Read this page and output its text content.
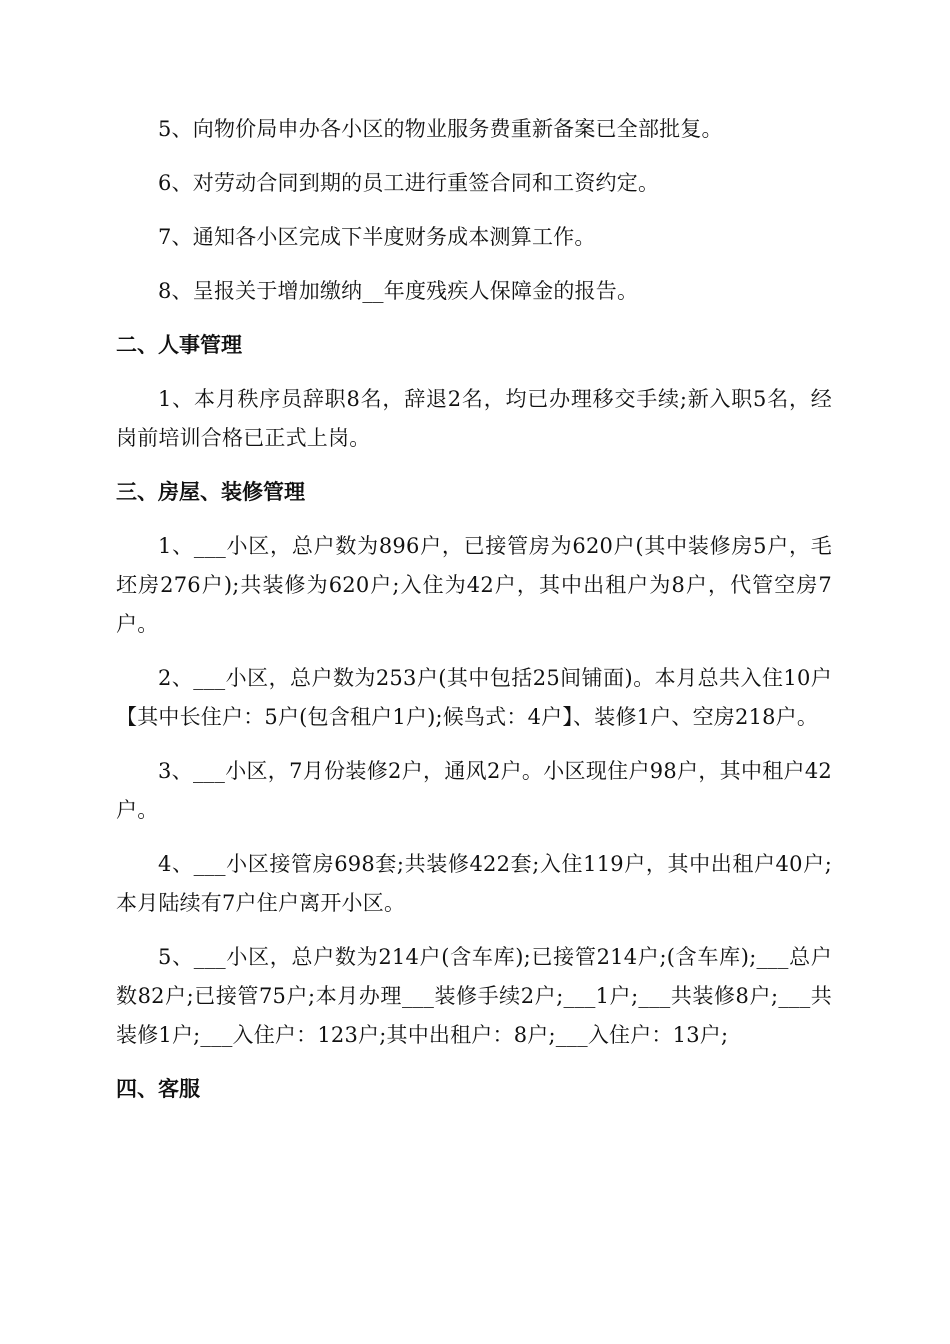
5、向物价局申办各小区的物业服务费重新备案已全部批复。

6、对劳动合同到期的员工进行重签合同和工资约定。

7、通知各小区完成下半度财务成本测算工作。

8、呈报关于增加缴纳__年度残疾人保障金的报告。

二、人事管理

1、本月秩序员辞职8名，辞退2名，均已办理移交手续;新入职5名，经岗前培训合格已正式上岗。

三、房屋、装修管理

1、___小区，总户数为896户，已接管房为620户(其中装修房5户，毛坯房276户);共装修为620户;入住为42户，其中出租户为8户，代管空房7户。

2、___小区，总户数为253户(其中包括25间铺面)。本月总共入住10户【其中长住户：5户(包含租户1户);候鸟式：4户】、装修1户、空房218户。

3、___小区，7月份装修2户，通风2户。小区现住户98户，其中租户42户。

4、___小区接管房698套;共装修422套;入住119户，其中出租户40户;本月陆续有7户住户离开小区。

5、___小区，总户数为214户(含车库);已接管214户;(含车库);___总户数82户;已接管75户;本月办理___装修手续2户;___1户;___共装修8户;___共装修1户;___入住户：123户;其中出租户：8户;___入住户：13户;

四、客服
